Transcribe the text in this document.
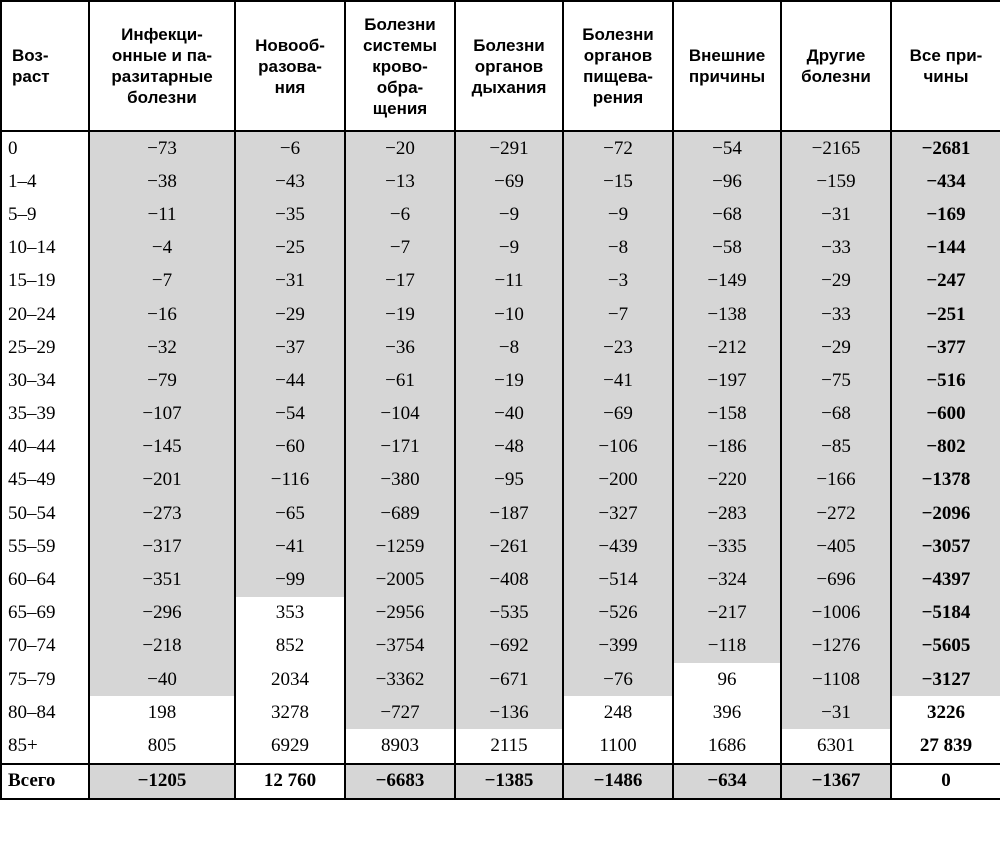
Воз-
раст	Инфекци-
онные и па-
разитарные
болезни	Новооб-
разова-
ния	Болезни
системы
крово-
обра-
щения	Болезни
органов
дыхания	Болезни
органов
пищева-
рения	Внешние
причины	Другие
болезни	Все при-
чины
0	−73	−6	−20	−291	−72	−54	−2165	−2681
1–4	−38	−43	−13	−69	−15	−96	−159	−434
5–9	−11	−35	−6	−9	−9	−68	−31	−169
10–14	−4	−25	−7	−9	−8	−58	−33	−144
15–19	−7	−31	−17	−11	−3	−149	−29	−247
20–24	−16	−29	−19	−10	−7	−138	−33	−251
25–29	−32	−37	−36	−8	−23	−212	−29	−377
30–34	−79	−44	−61	−19	−41	−197	−75	−516
35–39	−107	−54	−104	−40	−69	−158	−68	−600
40–44	−145	−60	−171	−48	−106	−186	−85	−802
45–49	−201	−116	−380	−95	−200	−220	−166	−1378
50–54	−273	−65	−689	−187	−327	−283	−272	−2096
55–59	−317	−41	−1259	−261	−439	−335	−405	−3057
60–64	−351	−99	−2005	−408	−514	−324	−696	−4397
65–69	−296	353	−2956	−535	−526	−217	−1006	−5184
70–74	−218	852	−3754	−692	−399	−118	−1276	−5605
75–79	−40	2034	−3362	−671	−76	96	−1108	−3127
80–84	198	3278	−727	−136	248	396	−31	3226
85+	805	6929	8903	2115	1100	1686	6301	27 839
Всего	−1205	12 760	−6683	−1385	−1486	−634	−1367	0
